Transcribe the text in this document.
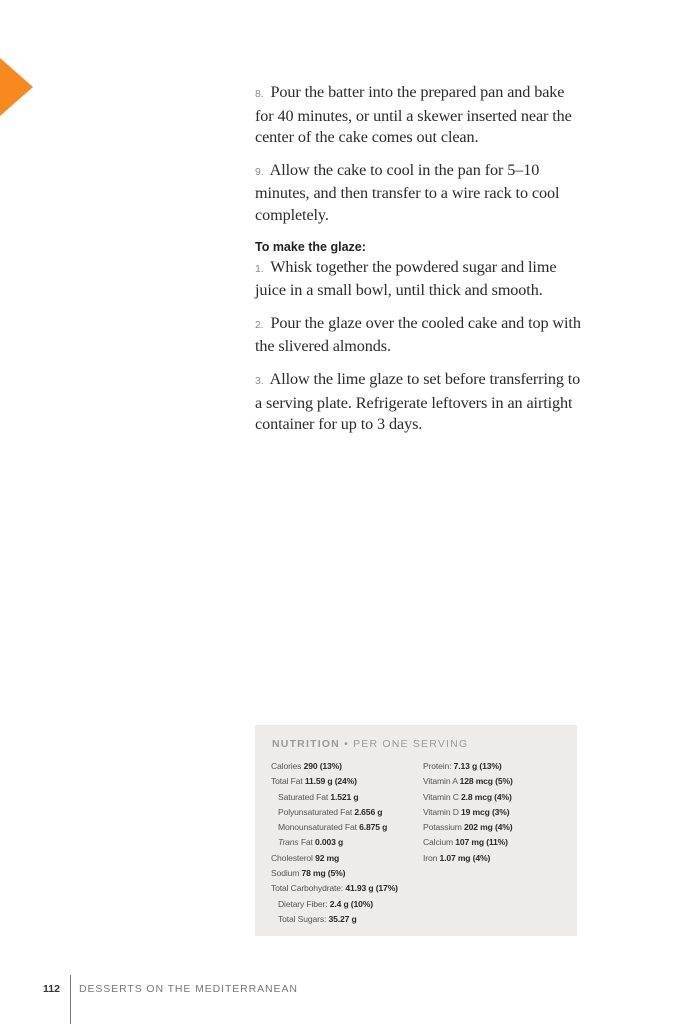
8. Pour the batter into the prepared pan and bake for 40 minutes, or until a skewer inserted near the center of the cake comes out clean.

9. Allow the cake to cool in the pan for 5–10 minutes, and then transfer to a wire rack to cool completely.

To make the glaze:

1. Whisk together the powdered sugar and lime juice in a small bowl, until thick and smooth.

2. Pour the glaze over the cooled cake and top with the slivered almonds.

3. Allow the lime glaze to set before transferring to a serving plate. Refrigerate leftovers in an airtight container for up to 3 days.

NUTRITION • PER ONE SERVING
Calories 290 (13%)
Total Fat 11.59 g (24%)
Saturated Fat 1.521 g
Polyunsaturated Fat 2.656 g
Monounsaturated Fat 6.875 g
Trans Fat 0.003 g
Cholesterol 92 mg
Sodium 78 mg (5%)
Total Carbohydrate: 41.93 g (17%)
Dietary Fiber: 2.4 g (10%)
Total Sugars: 35.27 g
Protein: 7.13 g (13%)
Vitamin A 128 mcg (5%)
Vitamin C 2.8 mcg (4%)
Vitamin D 19 mcg (3%)
Potassium 202 mg (4%)
Calcium 107 mg (11%)
Iron 1.07 mg (4%)
112 DESSERTS ON THE MEDITERRANEAN
